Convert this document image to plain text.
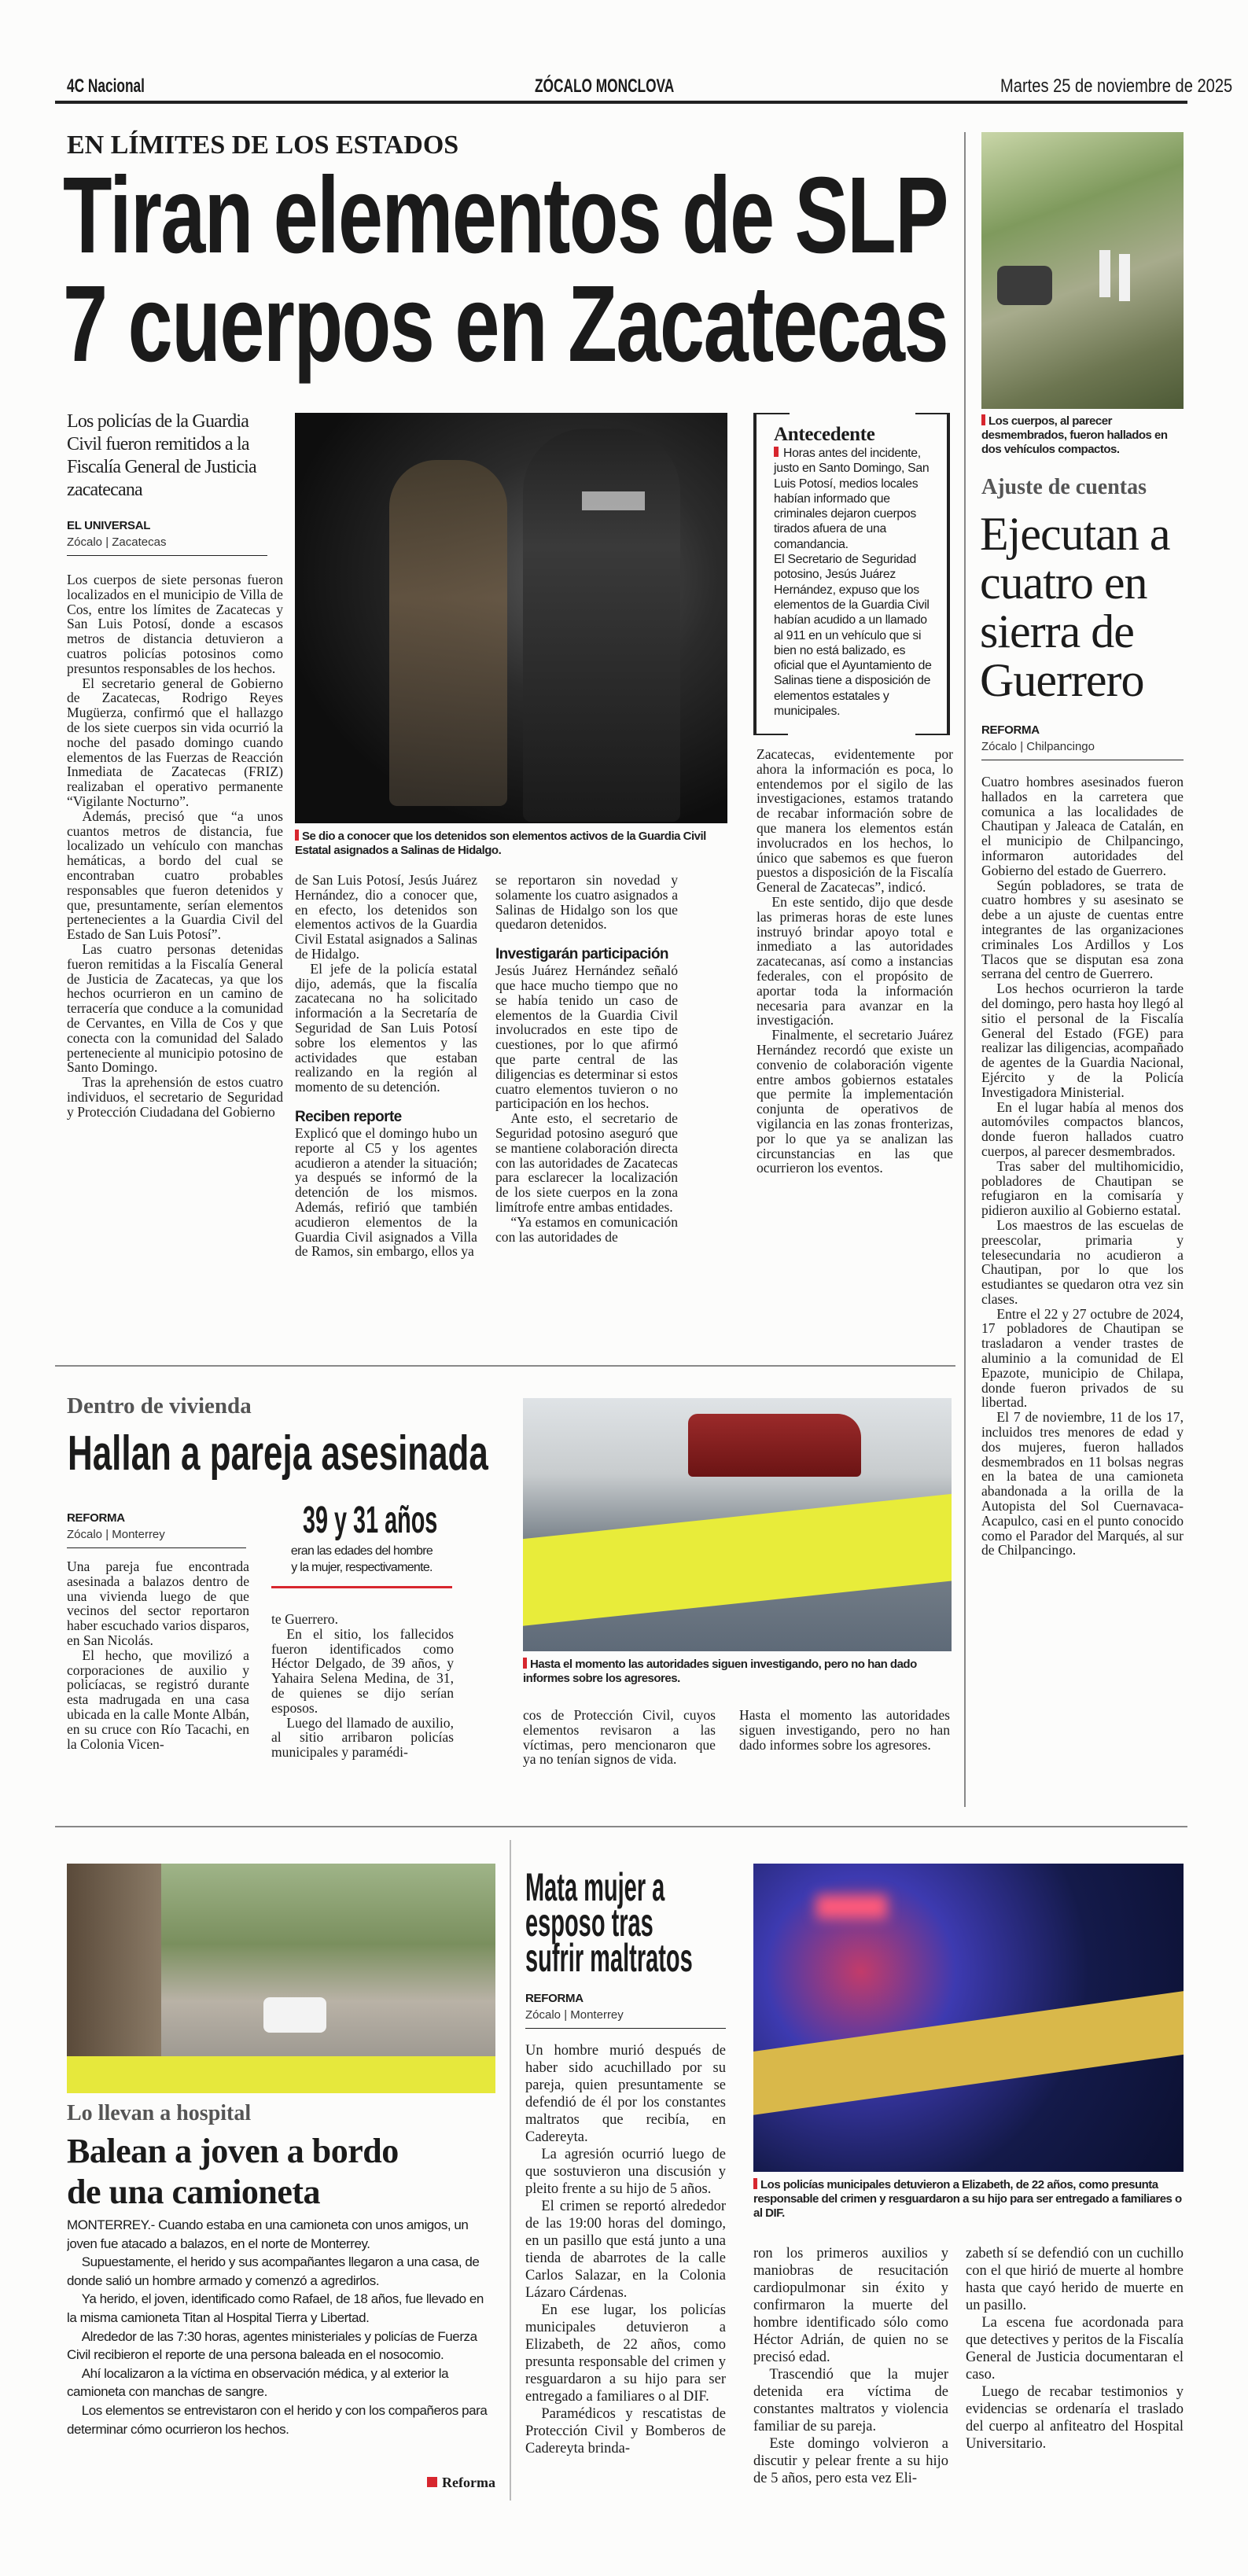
4C Nacional	ZÓCALO MONCLOVA	Martes 25 de noviembre de 2025
EN LÍMITES DE LOS ESTADOS
Tiran elementos de SLP
7 cuerpos en Zacatecas
Los policías de la Guardia Civil fueron remitidos a la Fiscalía General de Justicia zacatecana
EL UNIVERSAL
Zócalo | Zacatecas

Los cuerpos de siete personas fueron localizados en el municipio de Villa de Cos, entre los límites de Zacatecas y San Luis Potosí, donde a escasos metros de distancia detuvieron a cuatros policías potosinos como presuntos responsables de los hechos.

El secretario general de Gobierno de Zacatecas, Rodrigo Reyes Mugüerza, confirmó que el hallazgo de los siete cuerpos sin vida ocurrió la noche del pasado domingo cuando elementos de las Fuerzas de Reacción Inmediata de Zacatecas (FRIZ) realizaban el operativo permanente “Vigilante Nocturno”.

Además, precisó que “a unos cuantos metros de distancia, fue localizado un vehículo con manchas hemáticas, a bordo del cual se encontraban cuatro probables responsables que fueron detenidos y que, presuntamente, serían elementos pertenecientes a la Guardia Civil del Estado de San Luis Potosí”.

Las cuatro personas detenidas fueron remitidas a la Fiscalía General de Justicia de Zacatecas, ya que los hechos ocurrieron en un camino de terracería que conduce a la comunidad de Cervantes, en Villa de Cos y que conecta con la comunidad del Salado perteneciente al municipio potosino de Santo Domingo.

Tras la aprehensión de estos cuatro individuos, el secretario de Seguridad y Protección Ciudadana del Gobierno

Se dio a conocer que los detenidos son elementos activos de la Guardia Civil Estatal asignados a Salinas de Hidalgo.

de San Luis Potosí, Jesús Juárez Hernández, dio a conocer que, en efecto, los detenidos son elementos activos de la Guardia Civil Estatal asignados a Salinas de Hidalgo.

El jefe de la policía estatal dijo, además, que la fiscalía zacatecana no ha solicitado información a la Secretaría de Seguridad de San Luis Potosí sobre los elementos y las actividades que estaban realizando en la región al momento de su detención.

Reciben reporte

Explicó que el domingo hubo un reporte al C5 y los agentes acudieron a atender la situación; ya después se informó de la detención de los mismos. Además, refirió que también acudieron elementos de la Guardia Civil asignados a Villa de Ramos, sin embargo, ellos ya

se reportaron sin novedad y solamente los cuatro asignados a Salinas de Hidalgo son los que quedaron detenidos.

Investigarán participación

Jesús Juárez Hernández señaló que hace mucho tiempo que no se había tenido un caso de elementos de la Guardia Civil involucrados en este tipo de cuestiones, por lo que afirmó que parte central de las diligencias es determinar si estos cuatro elementos tuvieron o no participación en los hechos.

Ante esto, el secretario de Seguridad potosino aseguró que se mantiene colaboración directa con las autoridades de Zacatecas para esclarecer la localización de los siete cuerpos en la zona limítrofe entre ambas entidades.

“Ya estamos en comunicación con las autoridades de

Antecedente
Horas antes del incidente, justo en Santo Domingo, San Luis Potosí, medios locales habían informado que criminales dejaron cuerpos tirados afuera de una comandancia.
El Secretario de Seguridad potosino, Jesús Juárez Hernández, expuso que los elementos de la Guardia Civil habían acudido a un llamado al 911 en un vehículo que si bien no está balizado, es oficial que el Ayuntamiento de Salinas tiene a disposición de elementos estatales y municipales.

Zacatecas, evidentemente por ahora la información es poca, lo entendemos por el sigilo de las investigaciones, estamos tratando de recabar información sobre de que manera los elementos están involucrados en los hechos, lo único que sabemos es que fueron puestos a disposición de la Fiscalía General de Zacatecas”, indicó.

En este sentido, dijo que desde las primeras horas de este lunes instruyó brindar apoyo total e inmediato a las autoridades zacatecanas, así como a instancias federales, con el propósito de aportar toda la información necesaria para avanzar en la investigación.

Finalmente, el secretario Juárez Hernández recordó que existe un convenio de colaboración vigente entre ambos gobiernos estatales que permite la implementación conjunta de operativos de vigilancia en las zonas fronterizas, por lo que ya se analizan las circunstancias en las que ocurrieron los eventos.

Los cuerpos, al parecer desmembrados, fueron hallados en dos vehículos compactos.
Ajuste de cuentas
Ejecutan a
cuatro en
sierra de
Guerrero
REFORMA
Zócalo | Chilpancingo

Cuatro hombres asesinados fueron hallados en la carretera que comunica a las localidades de Chautipan y Jaleaca de Catalán, en el municipio de Chilpancingo, informaron autoridades del Gobierno del estado de Guerrero.

Según pobladores, se trata de cuatro hombres y su asesinato se debe a un ajuste de cuentas entre integrantes de las organizaciones criminales Los Ardillos y Los Tlacos que se disputan esa zona serrana del centro de Guerrero.

Los hechos ocurrieron la tarde del domingo, pero hasta hoy llegó al sitio el personal de la Fiscalía General del Estado (FGE) para realizar las diligencias, acompañado de agentes de la Guardia Nacional, Ejército y de la Policía Investigadora Ministerial.

En el lugar había al menos dos automóviles compactos blancos, donde fueron hallados cuatro cuerpos, al parecer desmembrados.

Tras saber del multihomicidio, pobladores de Chautipan se refugiaron en la comisaría y pidieron auxilio al Gobierno estatal.

Los maestros de las escuelas de preescolar, primaria y telesecundaria no acudieron a Chautipan, por lo que los estudiantes se quedaron otra vez sin clases.

Entre el 22 y 27 octubre de 2024, 17 pobladores de Chautipan se trasladaron a vender trastes de aluminio a la comunidad de El Epazote, municipio de Chilapa, donde fueron privados de su libertad.

El 7 de noviembre, 11 de los 17, incluidos tres menores de edad y dos mujeres, fueron hallados desmembrados en 11 bolsas negras en la batea de una camioneta abandonada a la orilla de la Autopista del Sol Cuernavaca-Acapulco, casi en el punto conocido como el Parador del Marqués, al sur de Chilpancingo.

Dentro de vivienda
Hallan a pareja asesinada
REFORMA
Zócalo | Monterrey

Una pareja fue encontrada asesinada a balazos dentro de una vivienda luego de que vecinos del sector reportaron haber escuchado varios disparos, en San Nicolás.

El hecho, que movilizó a corporaciones de auxilio y policíacas, se registró durante esta madrugada en una casa ubicada en la calle Monte Albán, en su cruce con Río Tacachi, en la Colonia Vicen-

39 y 31 años
eran las edades del hombre
y la mujer, respectivamente.

te Guerrero.

En el sitio, los fallecidos fueron identificados como Héctor Delgado, de 39 años, y Yahaira Selena Medina, de 31, de quienes se dijo serían esposos.

Luego del llamado de auxilio, al sitio arribaron policías municipales y paramédi-

Hasta el momento las autoridades siguen investigando, pero no han dado informes sobre los agresores.

cos de Protección Civil, cuyos elementos revisaron a las víctimas, pero mencionaron que ya no tenían signos de vida.

Hasta el momento las autoridades siguen investigando, pero no han dado informes sobre los agresores.

Lo llevan a hospital
Balean a joven a bordo
de una camioneta

MONTERREY.- Cuando estaba en una camioneta con unos amigos, un joven fue atacado a balazos, en el norte de Monterrey.

Supuestamente, el herido y sus acompañantes llegaron a una casa, de donde salió un hombre armado y comenzó a agredirlos.

Ya herido, el joven, identificado como Rafael, de 18 años, fue llevado en la misma camioneta Titan al Hospital Tierra y Libertad.

Alrededor de las 7:30 horas, agentes ministeriales y policías de Fuerza Civil recibieron el reporte de una persona baleada en el nosocomio.

Ahí localizaron a la víctima en observación médica, y al exterior la camioneta con manchas de sangre.

Los elementos se entrevistaron con el herido y con los compañeros para determinar cómo ocurrieron los hechos.

Reforma
Mata mujer a
esposo tras
sufrir maltratos
REFORMA
Zócalo | Monterrey

Un hombre murió después de haber sido acuchillado por su pareja, quien presuntamente se defendió de él por los constantes maltratos que recibía, en Cadereyta.

La agresión ocurrió luego de que sostuvieron una discusión y pleito frente a su hijo de 5 años.

El crimen se reportó alrededor de las 19:00 horas del domingo, en un pasillo que está junto a una tienda de abarrotes de la calle Carlos Salazar, en la Colonia Lázaro Cárdenas.

En ese lugar, los policías municipales detuvieron a Elizabeth, de 22 años, como presunta responsable del crimen y resguardaron a su hijo para ser entregado a familiares o al DIF.

Paramédicos y rescatistas de Protección Civil y Bomberos de Cadereyta brinda-

Los policías municipales detuvieron a Elizabeth, de 22 años, como presunta responsable del crimen y resguardaron a su hijo para ser entregado a familiares o al DIF.

ron los primeros auxilios y maniobras de resucitación cardiopulmonar sin éxito y confirmaron la muerte del hombre identificado sólo como Héctor Adrián, de quien no se precisó edad.

Trascendió que la mujer detenida era víctima de constantes maltratos y violencia familiar de su pareja.

Este domingo volvieron a discutir y pelear frente a su hijo de 5 años, pero esta vez Eli-

zabeth sí se defendió con un cuchillo con el que hirió de muerte al hombre hasta que cayó herido de muerte en un pasillo.

La escena fue acordonada para que detectives y peritos de la Fiscalía General de Justicia documentaran el caso.

Luego de recabar testimonios y evidencias se ordenaría el traslado del cuerpo al anfiteatro del Hospital Universitario.
